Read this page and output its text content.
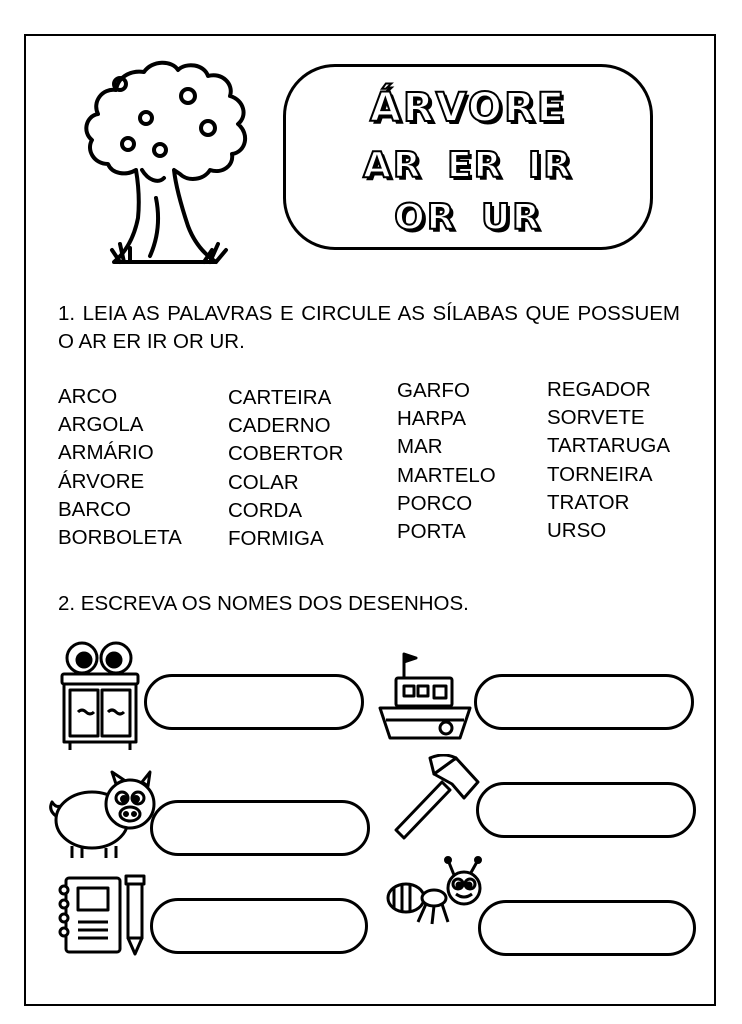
ÁRVORE
AR ER IR
OR UR
1. LEIA AS PALAVRAS E CIRCULE AS SÍLABAS QUE POSSUEM O AR ER IR OR UR.
ARCO
ARGOLA
ARMÁRIO
ÁRVORE
BARCO
BORBOLETA
CARTEIRA
CADERNO
COBERTOR
COLAR
CORDA
FORMIGA
GARFO
HARPA
MAR
MARTELO
PORCO
PORTA
REGADOR
SORVETE
TARTARUGA
TORNEIRA
TRATOR
URSO
2. ESCREVA OS NOMES DOS DESENHOS.
